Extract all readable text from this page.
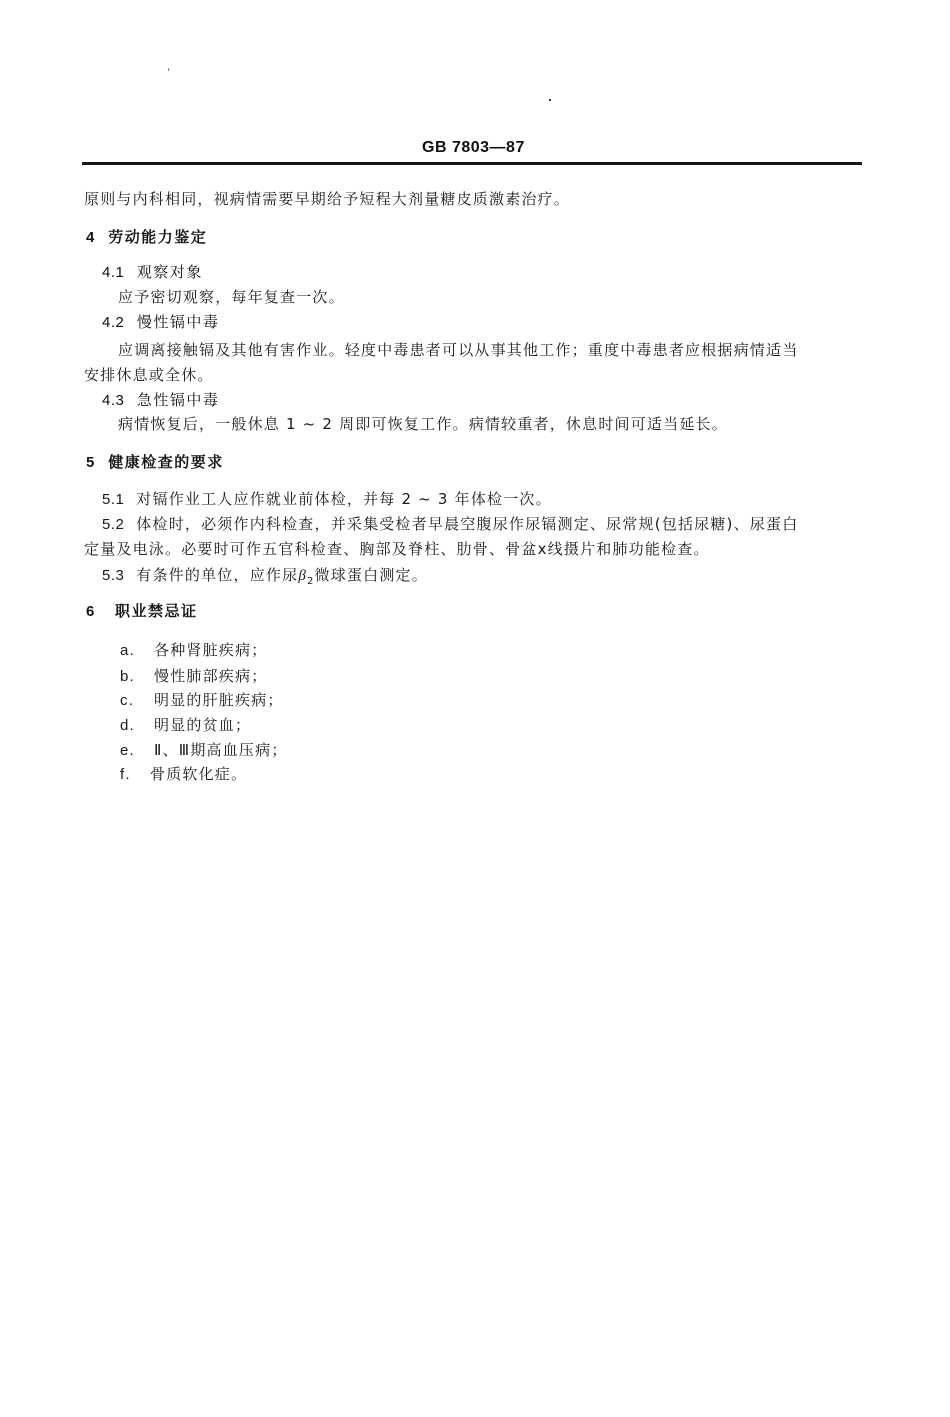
GB 7803—87
原则与内科相同，视病情需要早期给予短程大剂量糖皮质激素治疗。
4 劳动能力鉴定
4.1 观察对象
应予密切观察，每年复查一次。
4.2 慢性镉中毒
应调离接触镉及其他有害作业。轻度中毒患者可以从事其他工作；重度中毒患者应根据病情适当
安排休息或全休。
4.3 急性镉中毒
病情恢复后，一般休息 1 ~ 2 周即可恢复工作。病情较重者，休息时间可适当延长。
5 健康检查的要求
5.1 对镉作业工人应作就业前体检，并每 2 ~ 3 年体检一次。
5.2 体检时，必须作内科检查，并采集受检者早晨空腹尿作尿镉测定、尿常规(包括尿糖)、尿蛋白
定量及电泳。必要时可作五官科检查、胸部及脊柱、肋骨、骨盆x线摄片和肺功能检查。
5.3 有条件的单位，应作尿$\beta_2$微球蛋白测定。
6 职业禁忌证
a. 各种肾脏疾病；
b. 慢性肺部疾病；
c. 明显的肝脏疾病；
d. 明显的贫血；
e. Ⅱ、Ⅲ期高血压病；
f. 骨质软化症。
